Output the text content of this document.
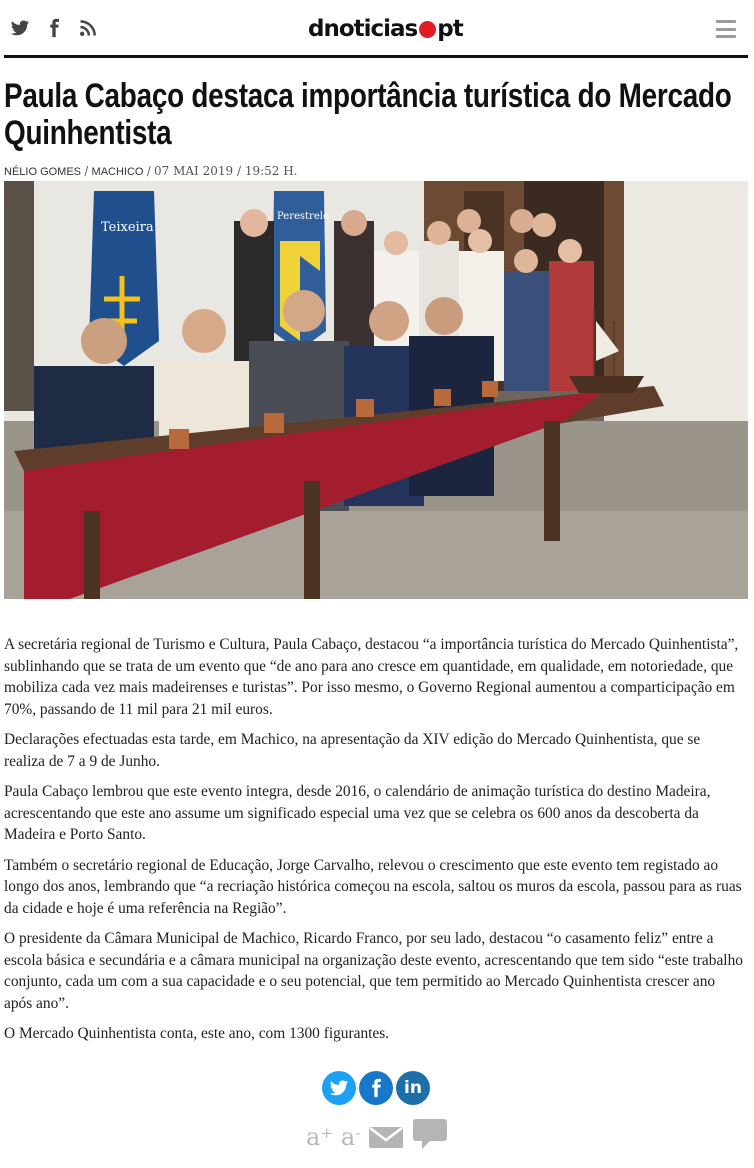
dnoticias pt
Paula Cabaço destaca importância turística do Mercado Quinhentista
NÉLIO GOMES / MACHICO / 07 MAI 2019 / 19:52 H.
Teixeira
Perestrelo

A secretária regional de Turismo e Cultura, Paula Cabaço, destacou “a importância turística do Mercado Quinhentista”, sublinhando que se trata de um evento que “de ano para ano cresce em quantidade, em qualidade, em notoriedade, que mobiliza cada vez mais madeirenses e turistas”. Por isso mesmo, o Governo Regional aumentou a comparticipação em 70%, passando de 11 mil para 21 mil euros.

Declarações efectuadas esta tarde, em Machico, na apresentação da XIV edição do Mercado Quinhentista, que se realiza de 7 a 9 de Junho.

Paula Cabaço lembrou que este evento integra, desde 2016, o calendário de animação turística do destino Madeira, acrescentando que este ano assume um significado especial uma vez que se celebra os 600 anos da descoberta da Madeira e Porto Santo.

Também o secretário regional de Educação, Jorge Carvalho, relevou o crescimento que este evento tem registado ao longo dos anos, lembrando que “a recriação histórica começou na escola, saltou os muros da escola, passou para as ruas da cidade e hoje é uma referência na Região”.

O presidente da Câmara Municipal de Machico, Ricardo Franco, por seu lado, destacou “o casamento feliz” entre a escola básica e secundária e a câmara municipal na organização deste evento, acrescentando que tem sido “este trabalho conjunto, cada um com a sua capacidade e o seu potencial, que tem permitido ao Mercado Quinhentista crescer ano após ano”.

O Mercado Quinhentista conta, este ano, com 1300 figurantes.

in
a+ a-
